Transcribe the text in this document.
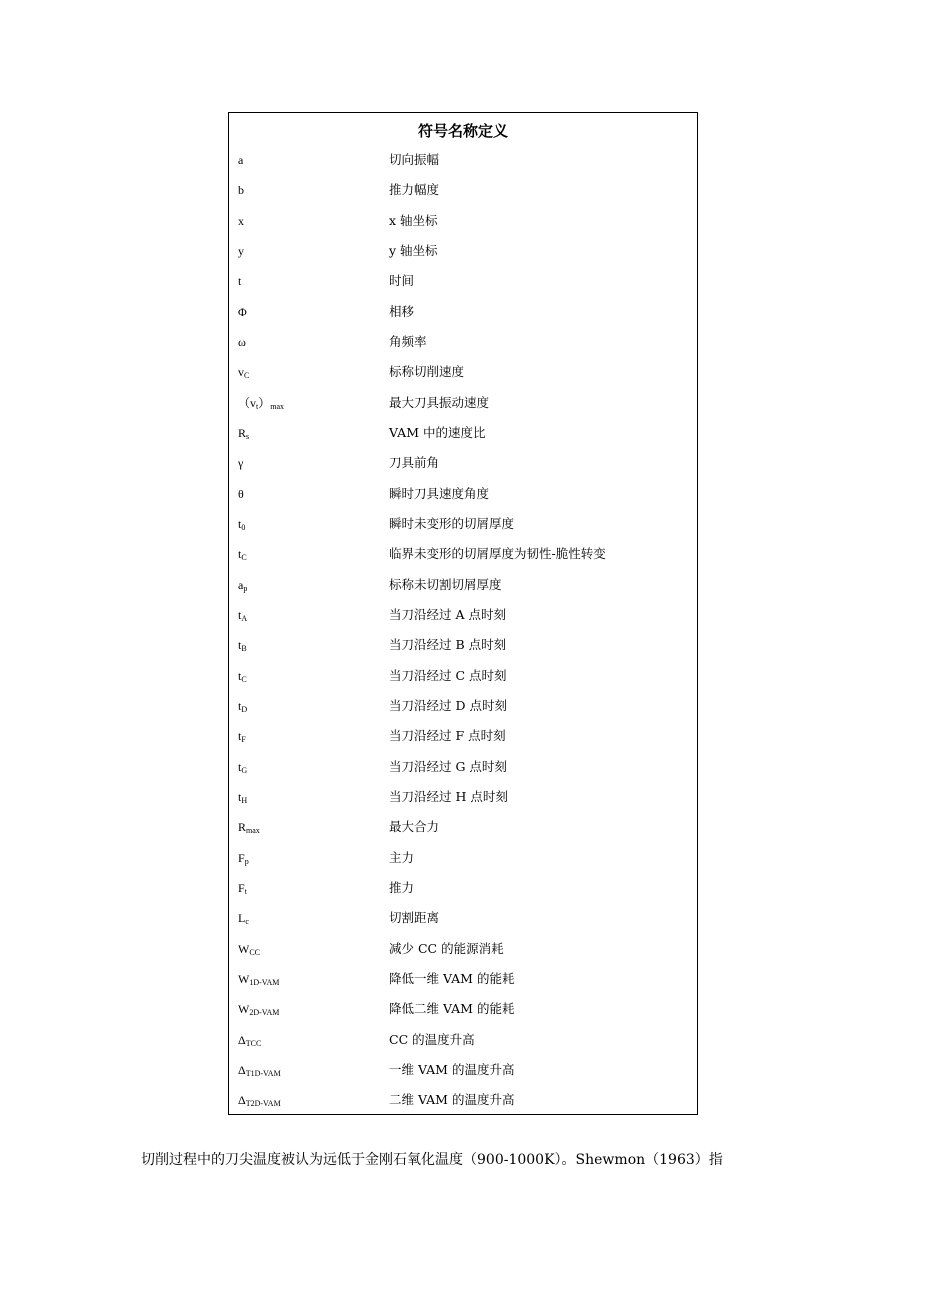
符号名称定义
a	切向振幅
b	推力幅度
x	x 轴坐标
y	y 轴坐标
t	时间
Φ	相移
ω	角频率
$v_C$	标称切削速度
$(v_t)_{max}$	最大刀具振动速度
$R_s$	VAM 中的速度比
γ	刀具前角
θ	瞬时刀具速度角度
$t_0$	瞬时未变形的切屑厚度
$t_C$	临界未变形的切屑厚度为韧性-脆性转变
$a_p$	标称未切割切屑厚度
$t_A$	当刀沿经过 A 点时刻
$t_B$	当刀沿经过 B 点时刻
$t_C$	当刀沿经过 C 点时刻
$t_D$	当刀沿经过 D 点时刻
$t_F$	当刀沿经过 F 点时刻
$t_G$	当刀沿经过 G 点时刻
$t_H$	当刀沿经过 H 点时刻
$R_{max}$	最大合力
$F_p$	主力
$F_t$	推力
$L_c$	切割距离
$W_{CC}$	减少 CC 的能源消耗
$W_{1D-VAM}$	降低一维 VAM 的能耗
$W_{2D-VAM}$	降低二维 VAM 的能耗
$\Delta_{TCC}$	CC 的温度升高
$\Delta_{T1D-VAM}$	一维 VAM 的温度升高
$\Delta_{T2D-VAM}$	二维 VAM 的温度升高
切削过程中的刀尖温度被认为远低于金刚石氧化温度（900-1000K）。Shewmon（1963）指
